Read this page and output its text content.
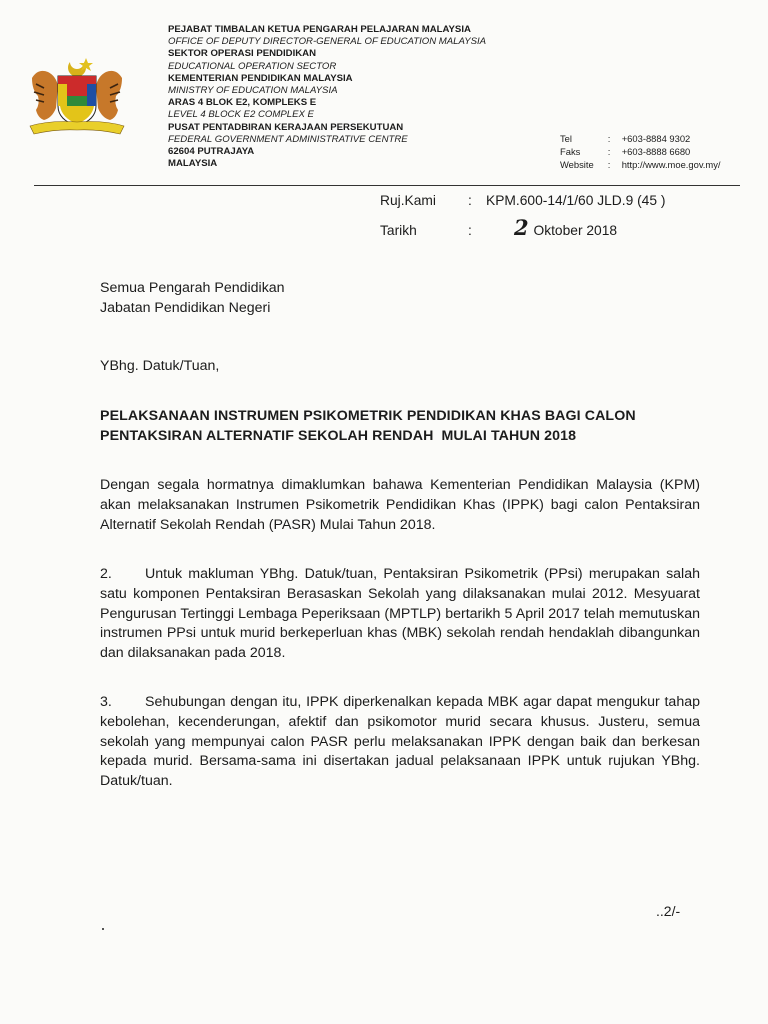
PEJABAT TIMBALAN KETUA PENGARAH PELAJARAN MALAYSIA
OFFICE OF DEPUTY DIRECTOR-GENERAL OF EDUCATION MALAYSIA
SEKTOR OPERASI PENDIDIKAN
EDUCATIONAL OPERATION SECTOR
KEMENTERIAN PENDIDIKAN MALAYSIA
MINISTRY OF EDUCATION MALAYSIA
ARAS 4 BLOK E2, KOMPLEKS E
LEVEL 4 BLOCK E2 COMPLEX E
PUSAT PENTADBIRAN KERAJAAN PERSEKUTUAN
FEDERAL GOVERNMENT ADMINISTRATIVE CENTRE
62604 PUTRAJAYA
MALAYSIA
Tel	:	+603-8884 9302
Faks	:	+603-8888 6680
Website	:	http://www.moe.gov.my/
Ruj.Kami : KPM.600-14/1/60 JLD.9 (45 )
Tarikh	: 2 Oktober 2018
Semua Pengarah Pendidikan
Jabatan Pendidikan Negeri
YBhg. Datuk/Tuan,
PELAKSANAAN INSTRUMEN PSIKOMETRIK PENDIDIKAN KHAS BAGI CALON
PENTAKSIRAN ALTERNATIF SEKOLAH RENDAH  MULAI TAHUN 2018
Dengan segala hormatnya dimaklumkan bahawa Kementerian Pendidikan Malaysia (KPM) akan melaksanakan Instrumen Psikometrik Pendidikan Khas (IPPK) bagi calon Pentaksiran Alternatif Sekolah Rendah (PASR) Mulai Tahun 2018.
2. Untuk makluman YBhg. Datuk/tuan, Pentaksiran Psikometrik (PPsi) merupakan salah satu komponen Pentaksiran Berasaskan Sekolah yang dilaksanakan mulai 2012. Mesyuarat Pengurusan Tertinggi Lembaga Peperiksaan (MPTLP) bertarikh 5 April 2017 telah memutuskan instrumen PPsi untuk murid berkeperluan khas (MBK) sekolah rendah hendaklah dibangunkan dan dilaksanakan pada 2018.
3. Sehubungan dengan itu, IPPK diperkenalkan kepada MBK agar dapat mengukur tahap kebolehan, kecenderungan, afektif dan psikomotor murid secara khusus. Justeru, semua sekolah yang mempunyai calon PASR perlu melaksanakan IPPK dengan baik dan berkesan kepada murid. Bersama-sama ini disertakan jadual pelaksanaan IPPK untuk rujukan YBhg. Datuk/tuan.
..2/-
